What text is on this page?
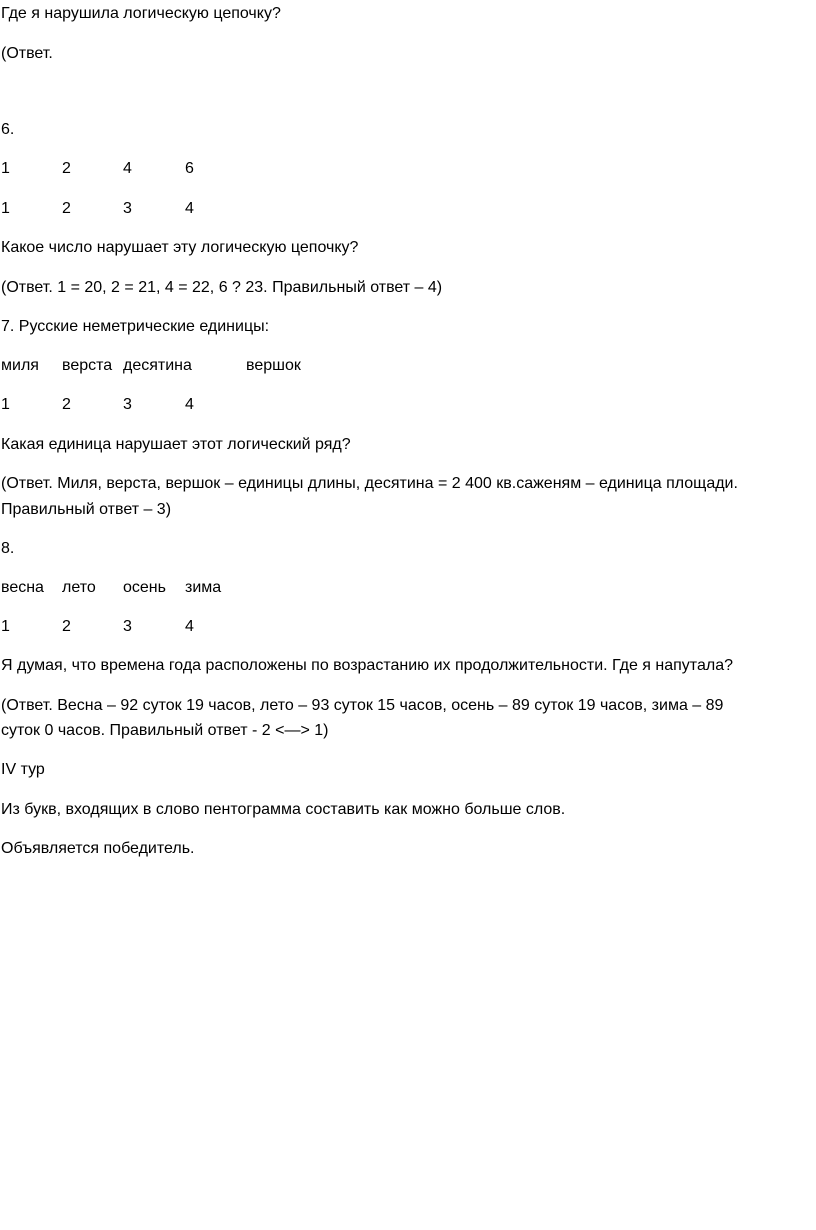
Где я нарушила логическую цепочку?
(Ответ.
6.
1	2	4	6
1	2	3	4
Какое число нарушает эту логическую цепочку?
(Ответ. 1 = 20, 2 = 21, 4 = 22, 6 ? 23. Правильный ответ – 4)
7. Русские неметрические единицы:
миля верста десятина	вершок
1	2	3	4
Какая единица нарушает этот логический ряд?
(Ответ. Миля, верста, вершок – единицы длины, десятина = 2 400 кв.саженям – единица площади.
Правильный ответ – 3)
8.
весна лето осень зима
1	2	3	4
Я думая, что времена года расположены по возрастанию их продолжительности. Где я напутала?
(Ответ. Весна – 92 суток 19 часов, лето – 93 суток 15 часов, осень – 89 суток 19 часов, зима – 89
суток 0 часов. Правильный ответ - 2 <—> 1)
IV тур
Из букв, входящих в слово пентограмма составить как можно больше слов.
Объявляется победитель.
